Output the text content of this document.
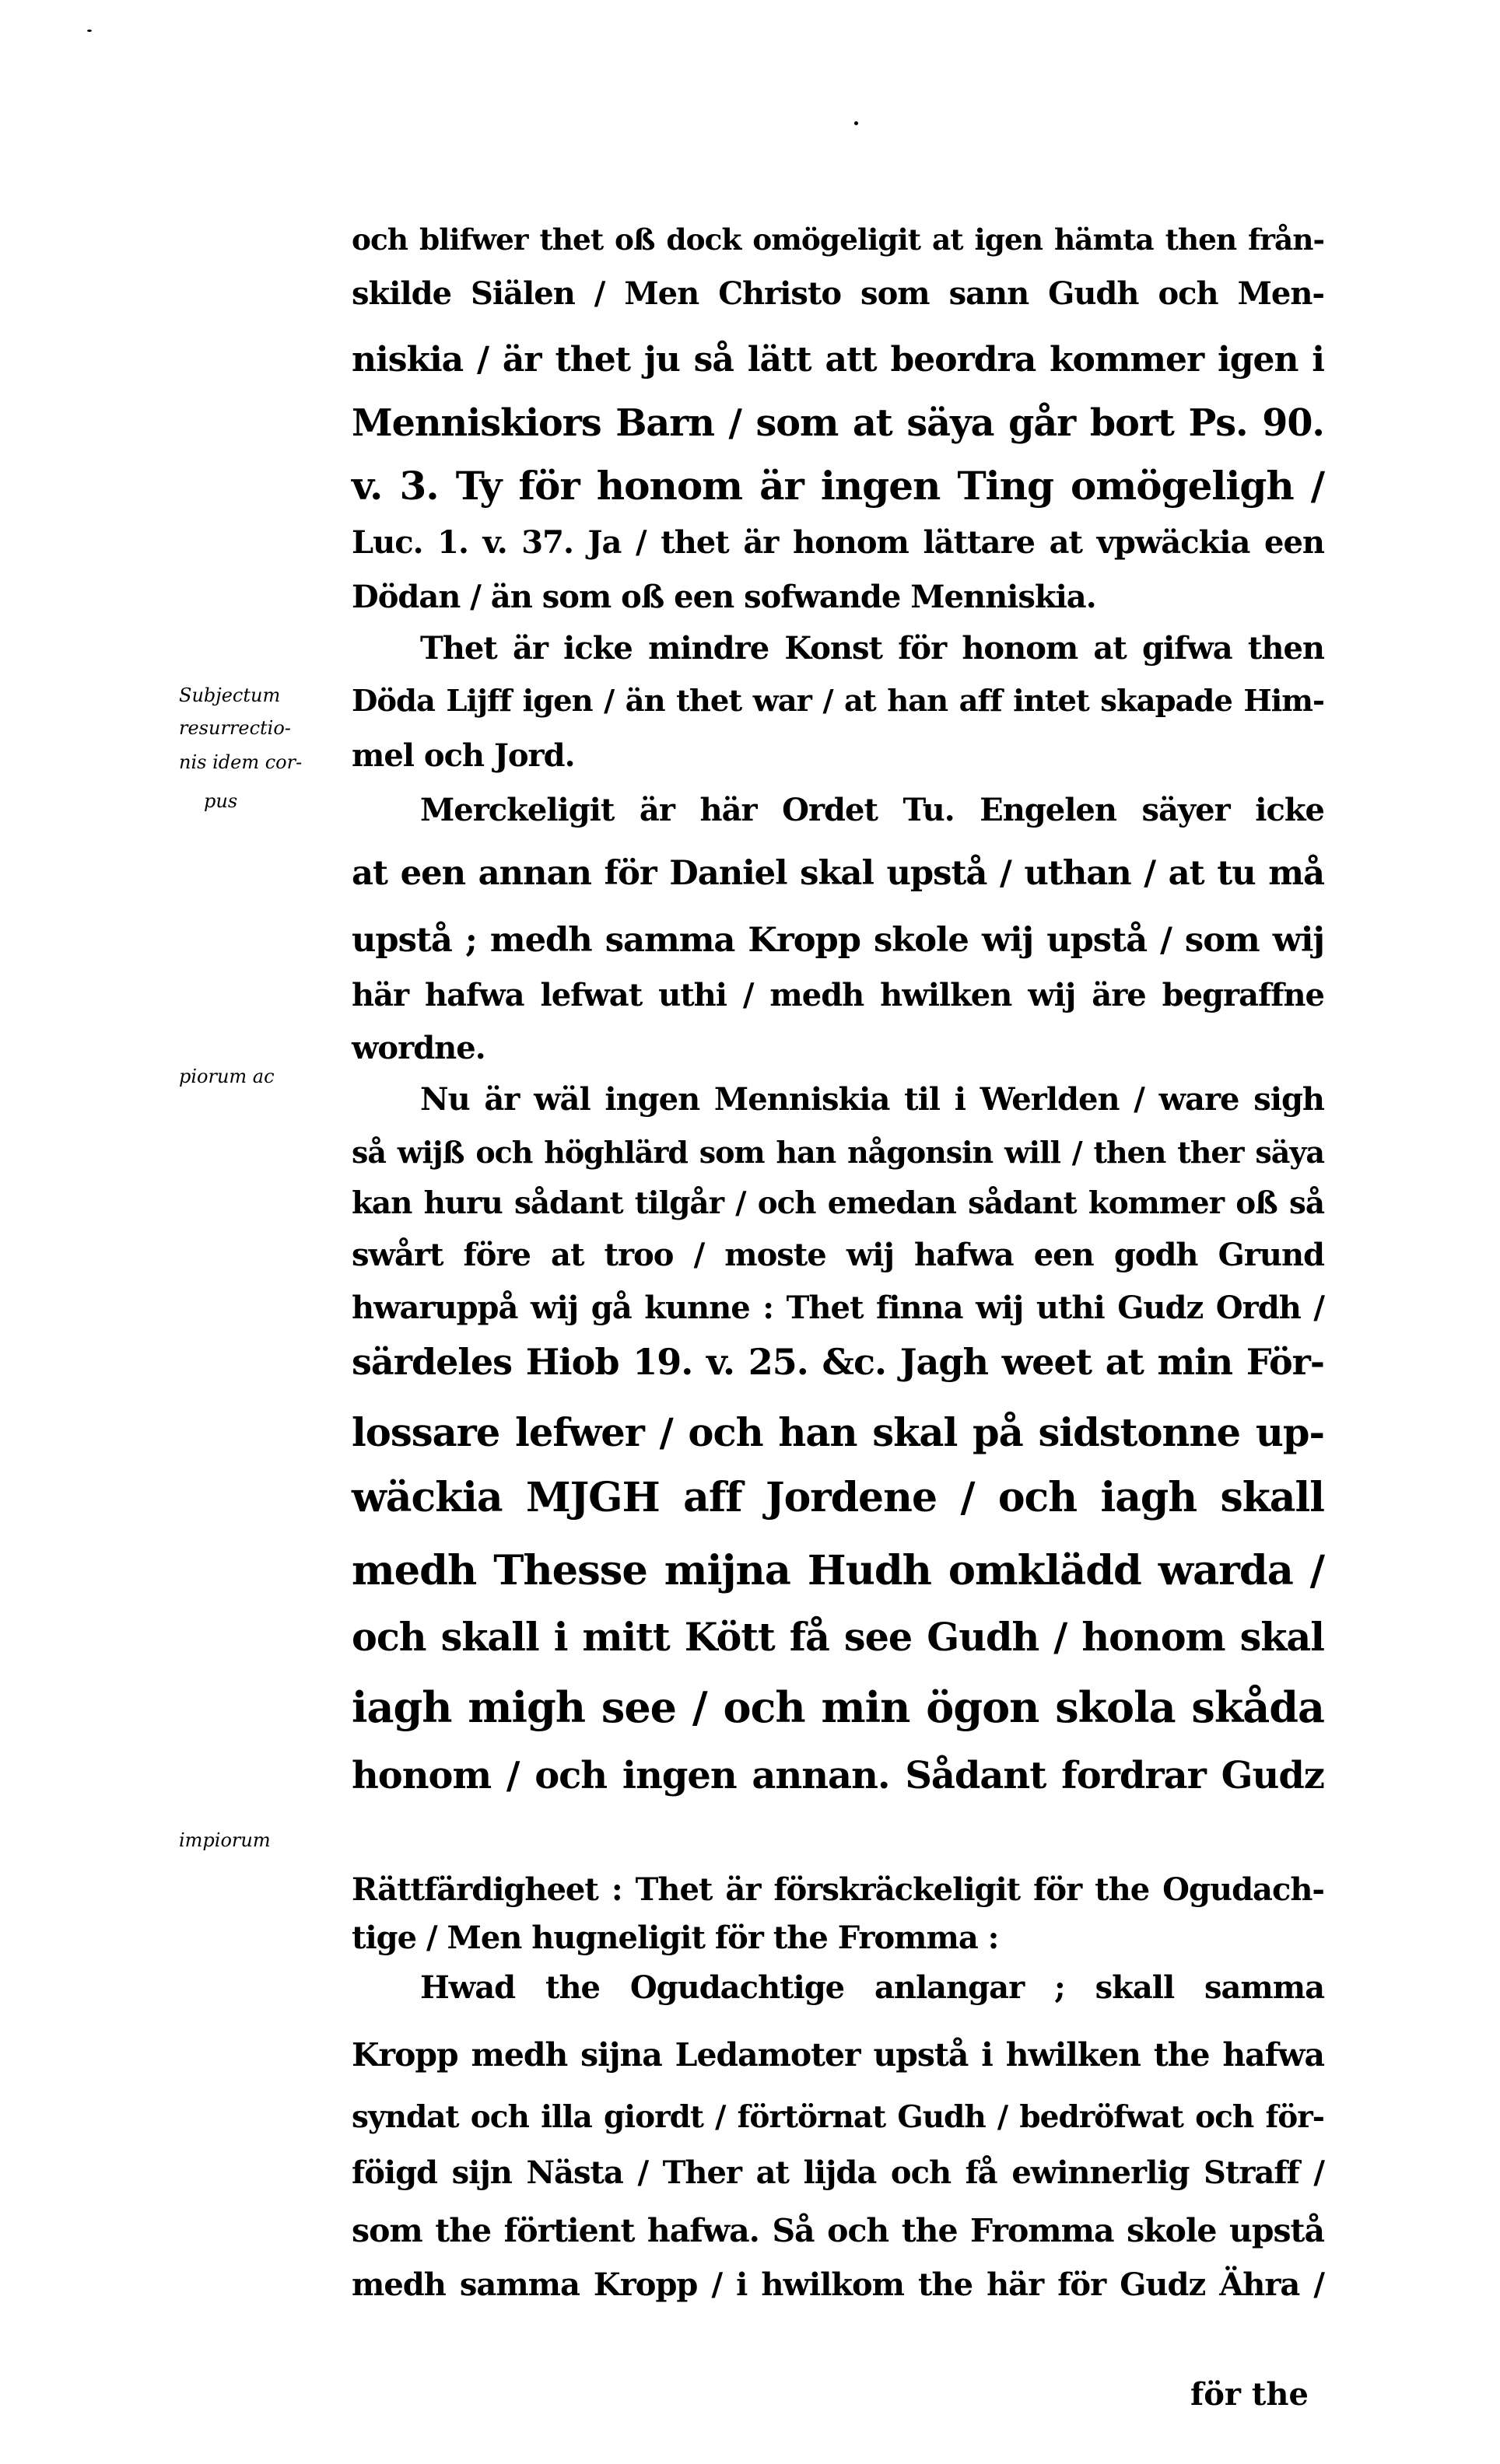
och blifwer thet oß dock omögeligit at igen hämta then från-
skilde Siälen / Men Christo som sann Gudh och Men-
niskia / är thet ju så lätt att beordra kommer igen i
Menniskiors Barn / som at säya går bort Ps. 90.
v. 3. Ty för honom är ingen Ting omögeligh /
Luc. 1. v. 37. Ja / thet är honom lättare at vpwäckia een
Dödan / än som oß een sofwande Menniskia.
Thet är icke mindre Konst för honom at gifwa then
Döda Lijff igen / än thet war / at han aff intet skapade Him-
mel och Jord.
Merckeligit är här Ordet Tu. Engelen säyer icke
at een annan för Daniel skal upstå / uthan / at tu må
upstå ; medh samma Kropp skole wij upstå / som wij
här hafwa lefwat uthi / medh hwilken wij äre begraffne
wordne.
Nu är wäl ingen Menniskia til i Werlden / ware sigh
så wijß och höghlärd som han någonsin will / then ther säya
kan huru sådant tilgår / och emedan sådant kommer oß så
swårt före at troo / moste wij hafwa een godh Grund
hwaruppå wij gå kunne : Thet finna wij uthi Gudz Ordh /
särdeles Hiob 19. v. 25. &c. Jagh weet at min För-
lossare lefwer / och han skal på sidstonne up-
wäckia MJGH aff Jordene / och iagh skall
medh Thesse mijna Hudh omklädd warda /
och skall i mitt Kött få see Gudh / honom skal
iagh migh see / och min ögon skola skåda
honom / och ingen annan. Sådant fordrar Gudz
Rättfärdigheet : Thet är förskräckeligit för the Ogudach-
tige / Men hugneligit för the Fromma :
Hwad the Ogudachtige anlangar ; skall samma
Kropp medh sijna Ledamoter upstå i hwilken the hafwa
syndat och illa giordt / förtörnat Gudh / bedröfwat och för-
föigd sijn Nästa / Ther at lijda och få ewinnerlig Straff /
som the förtient hafwa. Så och the Fromma skole upstå
medh samma Kropp / i hwilkom the här för Gudz Ähra /
Subjectum
resurrectio-
nis idem cor-
pus
piorum ac
impiorum
för the
